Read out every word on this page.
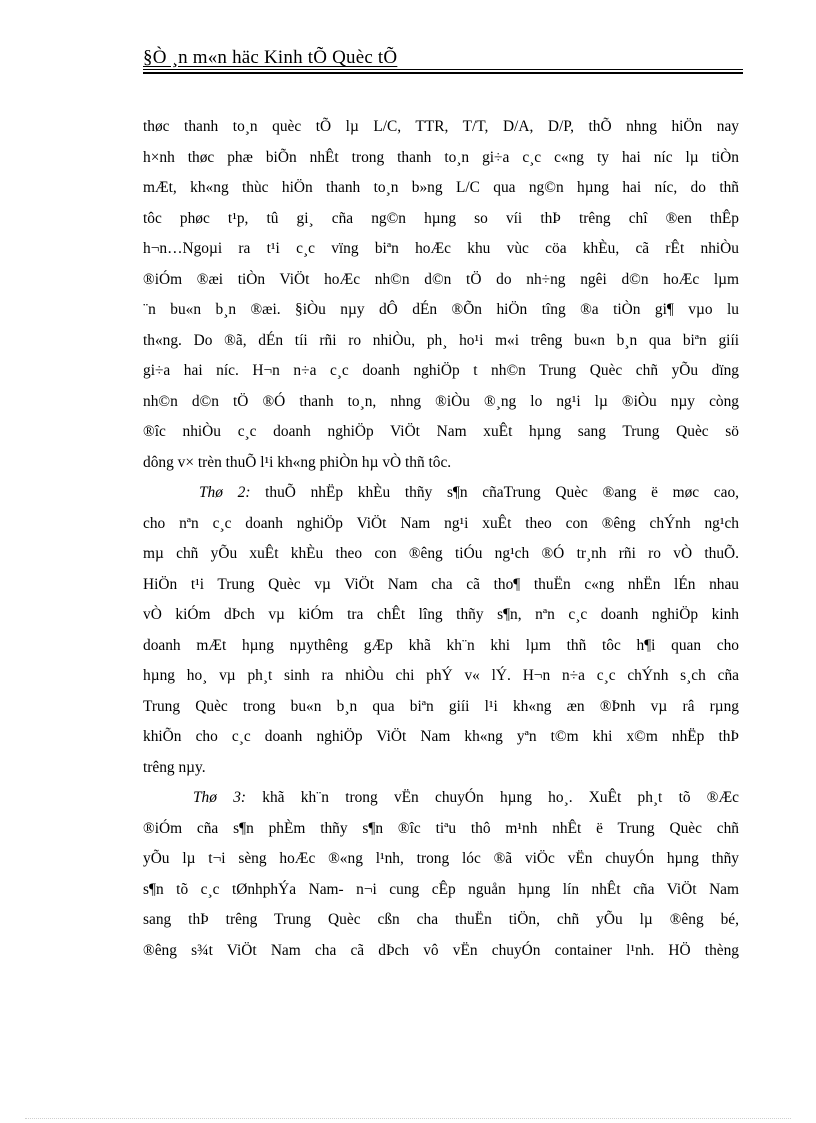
§Ò ¸n m«n häc Kinh tÕ Quèc tÕ

thøc thanh to¸n quèc tÕ lµ L/C, TTR, T/T, D/A, D/P, thÕ nhng hiÖn nay
h×nh thøc phæ biÕn nhÊt trong thanh to¸n gi÷a c¸c c«ng ty hai níc lµ tiÒn
mÆt, kh«ng thùc hiÖn thanh to¸n b»ng L/C qua ng©n hµng hai níc, do thñ
tôc phøc t¹p, tû gi¸ cña ng©n hµng so víi thÞ trêng chî ®en thÊp
h¬n…Ngoµi ra t¹i c¸c vïng biªn hoÆc khu vùc cöa khÈu, cã rÊt nhiÒu
®iÓm ®æi tiÒn ViÖt hoÆc nh©n d©n tÖ do nh÷ng ngêi d©n hoÆc lµm
¨n bu«n b¸n ®æi. §iÒu nµy dÔ dÉn ®Õn hiÖn tîng ®a tiÒn gi¶ vµo lu
th«ng. Do ®ã, dÉn tíi rñi ro nhiÒu, ph¸ ho¹i m«i trêng bu«n b¸n qua biªn giíi
gi÷a hai níc. H¬n n÷a c¸c doanh nghiÖp t nh©n Trung Quèc chñ yÕu dïng
nh©n d©n tÖ ®Ó thanh to¸n, nhng ®iÒu ®¸ng lo ng¹i lµ ®iÒu nµy còng
®îc nhiÒu c¸c doanh nghiÖp ViÖt Nam xuÊt hµng sang Trung Quèc sö
dông v× trèn thuÕ l¹i kh«ng phiÒn hµ vÒ thñ tôc.

Thø 2: thuÕ nhËp khÈu thñy s¶n cñaTrung Quèc ®ang ë møc cao,
cho nªn c¸c doanh nghiÖp ViÖt Nam ng¹i xuÊt theo con ®êng chÝnh ng¹ch
mµ chñ yÕu xuÊt khÈu theo con ®êng tiÓu ng¹ch ®Ó tr¸nh rñi ro vÒ thuÕ.
HiÖn t¹i Trung Quèc vµ ViÖt Nam cha cã tho¶ thuËn c«ng nhËn lÉn nhau
vÒ kiÓm dÞch vµ kiÓm tra chÊt lîng thñy s¶n, nªn c¸c doanh nghiÖp kinh
doanh mÆt hµng nµythêng gÆp khã kh¨n khi lµm thñ tôc h¶i quan cho
hµng ho¸ vµ ph¸t sinh ra nhiÒu chi phÝ v« lÝ. H¬n n÷a c¸c chÝnh s¸ch cña
Trung Quèc trong bu«n b¸n qua biªn giíi l¹i kh«ng æn ®Þnh vµ râ rµng
khiÕn cho c¸c doanh nghiÖp ViÖt Nam kh«ng yªn t©m khi x©m nhËp thÞ
trêng nµy.

Thø 3: khã kh¨n trong vËn chuyÓn hµng ho¸. XuÊt ph¸t tõ ®Æc
®iÓm cña s¶n phÈm thñy s¶n ®îc tiªu thô m¹nh nhÊt ë Trung Quèc chñ
yÕu lµ t¬i sèng hoÆc ®«ng l¹nh, trong lóc ®ã viÖc vËn chuyÓn hµng thñy
s¶n tõ c¸c tØnhphÝa Nam- n¬i cung cÊp nguån hµng lín nhÊt cña ViÖt Nam
sang thÞ trêng Trung Quèc cßn cha thuËn tiÖn, chñ yÕu lµ ®êng bé,
®êng s¾t ViÖt Nam cha cã dÞch vô vËn chuyÓn container l¹nh. HÖ thèng
